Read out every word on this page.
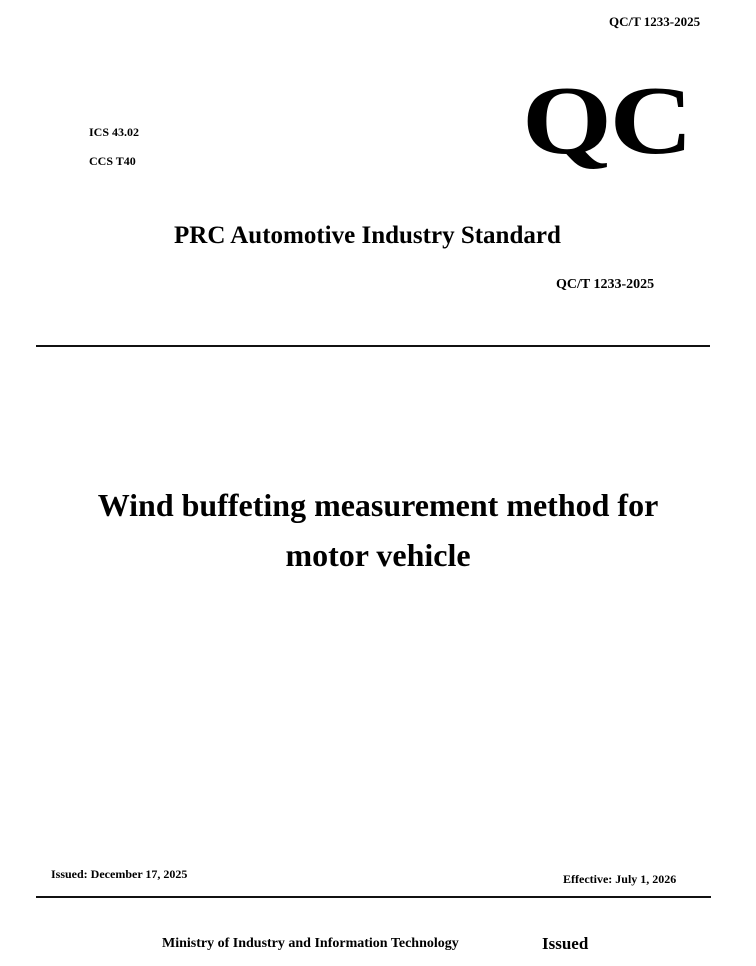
QC/T 1233-2025
QC
ICS 43.02
CCS T40
PRC Automotive Industry Standard
QC/T 1233-2025
Wind buffeting measurement method for
motor vehicle
Issued: December 17, 2025	Effective: July 1, 2026
Ministry of Industry and Information Technology	Issued
